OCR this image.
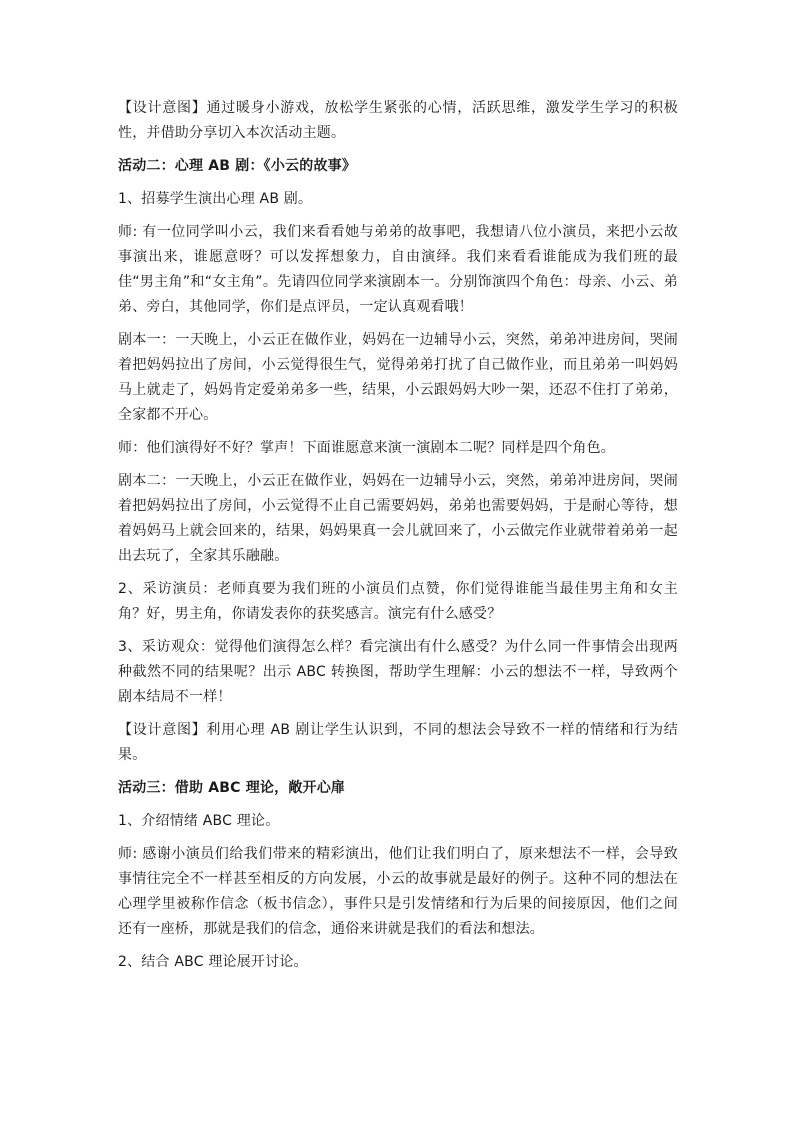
【设计意图】通过暖身小游戏，放松学生紧张的心情，活跃思维，激发学生学习的积极性，并借助分享切入本次活动主题。

活动二：心理 AB 剧：《小云的故事》

1、招募学生演出心理 AB 剧。

师: 有一位同学叫小云，我们来看看她与弟弟的故事吧，我想请八位小演员，来把小云故事演出来，谁愿意呀？可以发挥想象力，自由演绎。我们来看看谁能成为我们班的最佳“男主角”和“女主角”。先请四位同学来演剧本一。分别饰演四个角色：母亲、小云、弟弟、旁白，其他同学，你们是点评员，一定认真观看哦！

剧本一：一天晚上，小云正在做作业，妈妈在一边辅导小云，突然，弟弟冲进房间，哭闹着把妈妈拉出了房间，小云觉得很生气，觉得弟弟打扰了自己做作业，而且弟弟一叫妈妈马上就走了，妈妈肯定爱弟弟多一些，结果，小云跟妈妈大吵一架，还忍不住打了弟弟，全家都不开心。

师：他们演得好不好？掌声！下面谁愿意来演一演剧本二呢？同样是四个角色。

剧本二：一天晚上，小云正在做作业，妈妈在一边辅导小云，突然，弟弟冲进房间，哭闹着把妈妈拉出了房间，小云觉得不止自己需要妈妈，弟弟也需要妈妈，于是耐心等待，想着妈妈马上就会回来的，结果，妈妈果真一会儿就回来了，小云做完作业就带着弟弟一起出去玩了，全家其乐融融。

2、采访演员：老师真要为我们班的小演员们点赞，你们觉得谁能当最佳男主角和女主角？好，男主角，你请发表你的获奖感言。演完有什么感受？

3、采访观众：觉得他们演得怎么样？看完演出有什么感受？为什么同一件事情会出现两种截然不同的结果呢？出示 ABC 转换图，帮助学生理解：小云的想法不一样，导致两个剧本结局不一样！

【设计意图】利用心理 AB 剧让学生认识到，不同的想法会导致不一样的情绪和行为结果。

活动三：借助 ABC 理论，敞开心扉

1、介绍情绪 ABC 理论。

师: 感谢小演员们给我们带来的精彩演出，他们让我们明白了，原来想法不一样，会导致事情往完全不一样甚至相反的方向发展，小云的故事就是最好的例子。这种不同的想法在心理学里被称作信念（板书信念），事件只是引发情绪和行为后果的间接原因，他们之间还有一座桥，那就是我们的信念，通俗来讲就是我们的看法和想法。

2、结合 ABC 理论展开讨论。
